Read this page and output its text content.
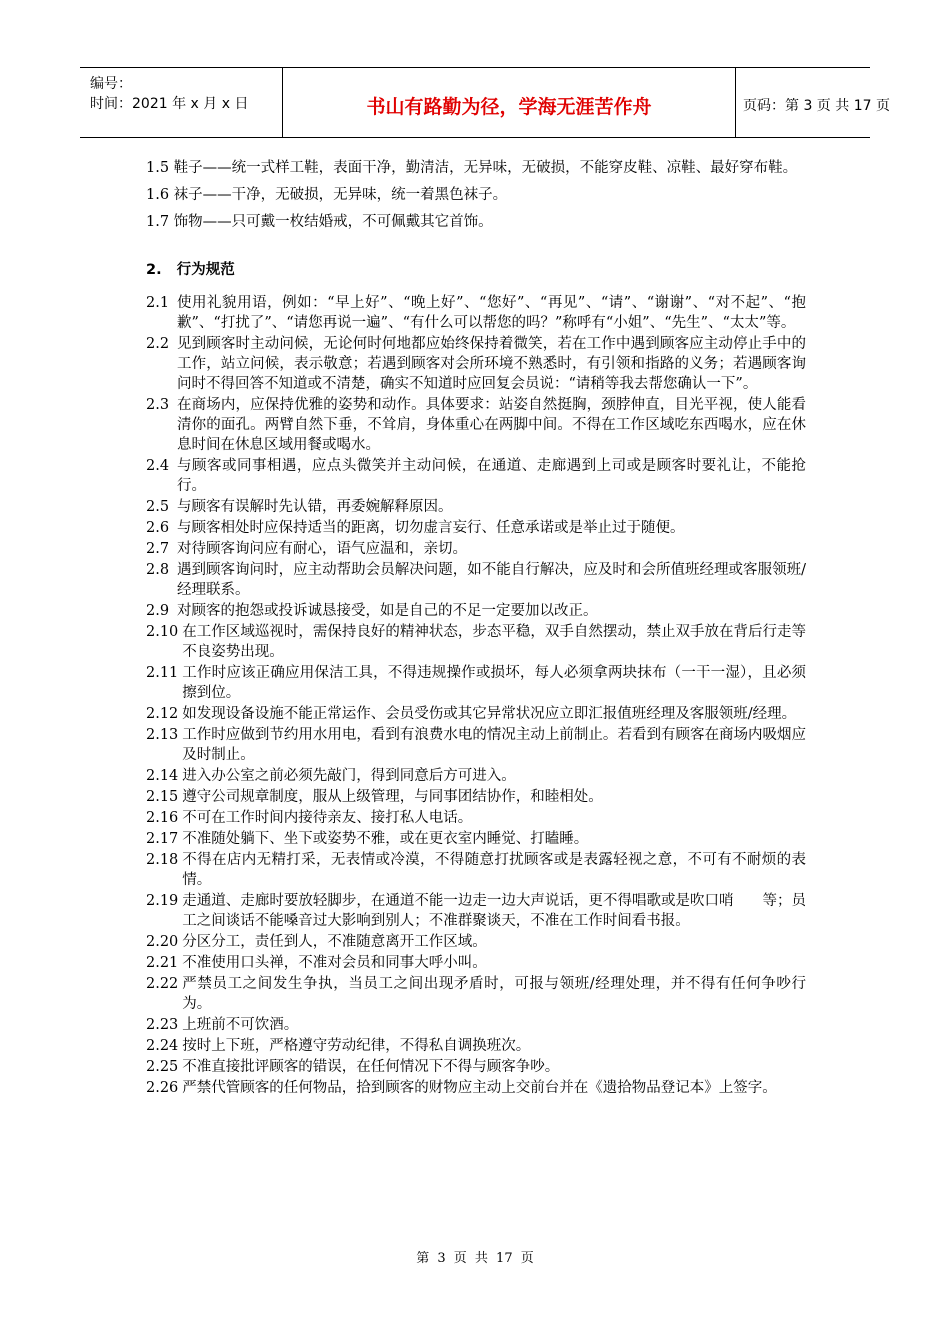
编号：
时间：2021 年 x 月 x 日	书山有路勤为径，学海无涯苦作舟	页码：第 3 页 共 17 页

1.5 鞋子——统一式样工鞋，表面干净，勤清洁，无异味，无破损，不能穿皮鞋、凉鞋、最好穿布鞋。

1.6 袜子——干净，无破损，无异味，统一着黑色袜子。

1.7 饰物——只可戴一枚结婚戒，不可佩戴其它首饰。

2. 行为规范
2.1 使用礼貌用语，例如：“早上好”、“晚上好”、“您好”、“再见”、“请”、“谢谢”、“对不起”、“抱歉”、“打扰了”、“请您再说一遍”、“有什么可以帮您的吗？”称呼有“小姐”、“先生”、“太太”等。
2.2 见到顾客时主动问候，无论何时何地都应始终保持着微笑，若在工作中遇到顾客应主动停止手中的工作，站立问候，表示敬意；若遇到顾客对会所环境不熟悉时，有引领和指路的义务；若遇顾客询问时不得回答不知道或不清楚，确实不知道时应回复会员说：“请稍等我去帮您确认一下”。
2.3 在商场内，应保持优雅的姿势和动作。具体要求：站姿自然挺胸，颈脖伸直，目光平视，使人能看清你的面孔。两臂自然下垂，不耸肩，身体重心在两脚中间。不得在工作区域吃东西喝水，应在休息时间在休息区域用餐或喝水。
2.4 与顾客或同事相遇，应点头微笑并主动问候，在通道、走廊遇到上司或是顾客时要礼让，不能抢行。
2.5 与顾客有误解时先认错，再委婉解释原因。
2.6 与顾客相处时应保持适当的距离，切勿虚言妄行、任意承诺或是举止过于随便。
2.7 对待顾客询问应有耐心，语气应温和，亲切。
2.8 遇到顾客询问时，应主动帮助会员解决问题，如不能自行解决，应及时和会所值班经理或客服领班/经理联系。
2.9 对顾客的抱怨或投诉诚恳接受，如是自己的不足一定要加以改正。
2.10 在工作区域巡视时，需保持良好的精神状态，步态平稳，双手自然摆动，禁止双手放在背后行走等不良姿势出现。
2.11 工作时应该正确应用保洁工具，不得违规操作或损坏，每人必须拿两块抹布（一干一湿），且必须擦到位。
2.12 如发现设备设施不能正常运作、会员受伤或其它异常状况应立即汇报值班经理及客服领班/经理。
2.13 工作时应做到节约用水用电，看到有浪费水电的情况主动上前制止。若看到有顾客在商场内吸烟应及时制止。
2.14 进入办公室之前必须先敲门，得到同意后方可进入。
2.15 遵守公司规章制度，服从上级管理，与同事团结协作，和睦相处。
2.16 不可在工作时间内接待亲友、接打私人电话。
2.17 不准随处躺下、坐下或姿势不雅，或在更衣室内睡觉、打瞌睡。
2.18 不得在店内无精打采，无表情或冷漠，不得随意打扰顾客或是表露轻视之意，不可有不耐烦的表情。
2.19 走通道、走廊时要放轻脚步，在通道不能一边走一边大声说话，更不得唱歌或是吹口哨　　等；员工之间谈话不能嗓音过大影响到别人；不准群聚谈天，不准在工作时间看书报。
2.20 分区分工，责任到人，不准随意离开工作区域。
2.21 不准使用口头禅，不准对会员和同事大呼小叫。
2.22 严禁员工之间发生争执，当员工之间出现矛盾时，可报与领班/经理处理，并不得有任何争吵行为。
2.23 上班前不可饮酒。
2.24 按时上下班，严格遵守劳动纪律，不得私自调换班次。
2.25 不准直接批评顾客的错误，在任何情况下不得与顾客争吵。
2.26 严禁代管顾客的任何物品，拾到顾客的财物应主动上交前台并在《遗拾物品登记本》上签字。
第 3 页 共 17 页
